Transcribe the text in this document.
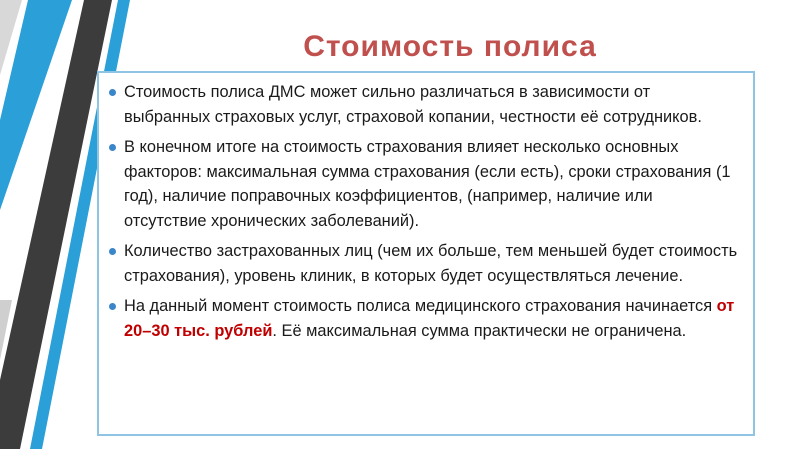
Стоимость полиса
Стоимость полиса ДМС может сильно различаться в зависимости от выбранных страховых услуг, страховой копании, честности её сотрудников.
В конечном итоге на стоимость страхования влияет несколько основных факторов: максимальная сумма страхования (если есть), сроки страхования (1 год), наличие поправочных коэффициентов, (например, наличие или отсутствие хронических заболеваний).
Количество застрахованных лиц (чем их больше, тем меньшей будет стоимость страхования), уровень клиник, в которых будет осуществляться лечение.
На данный момент стоимость полиса медицинского страхования начинается от 20–30 тыс. рублей. Её максимальная сумма практически не ограничена.
